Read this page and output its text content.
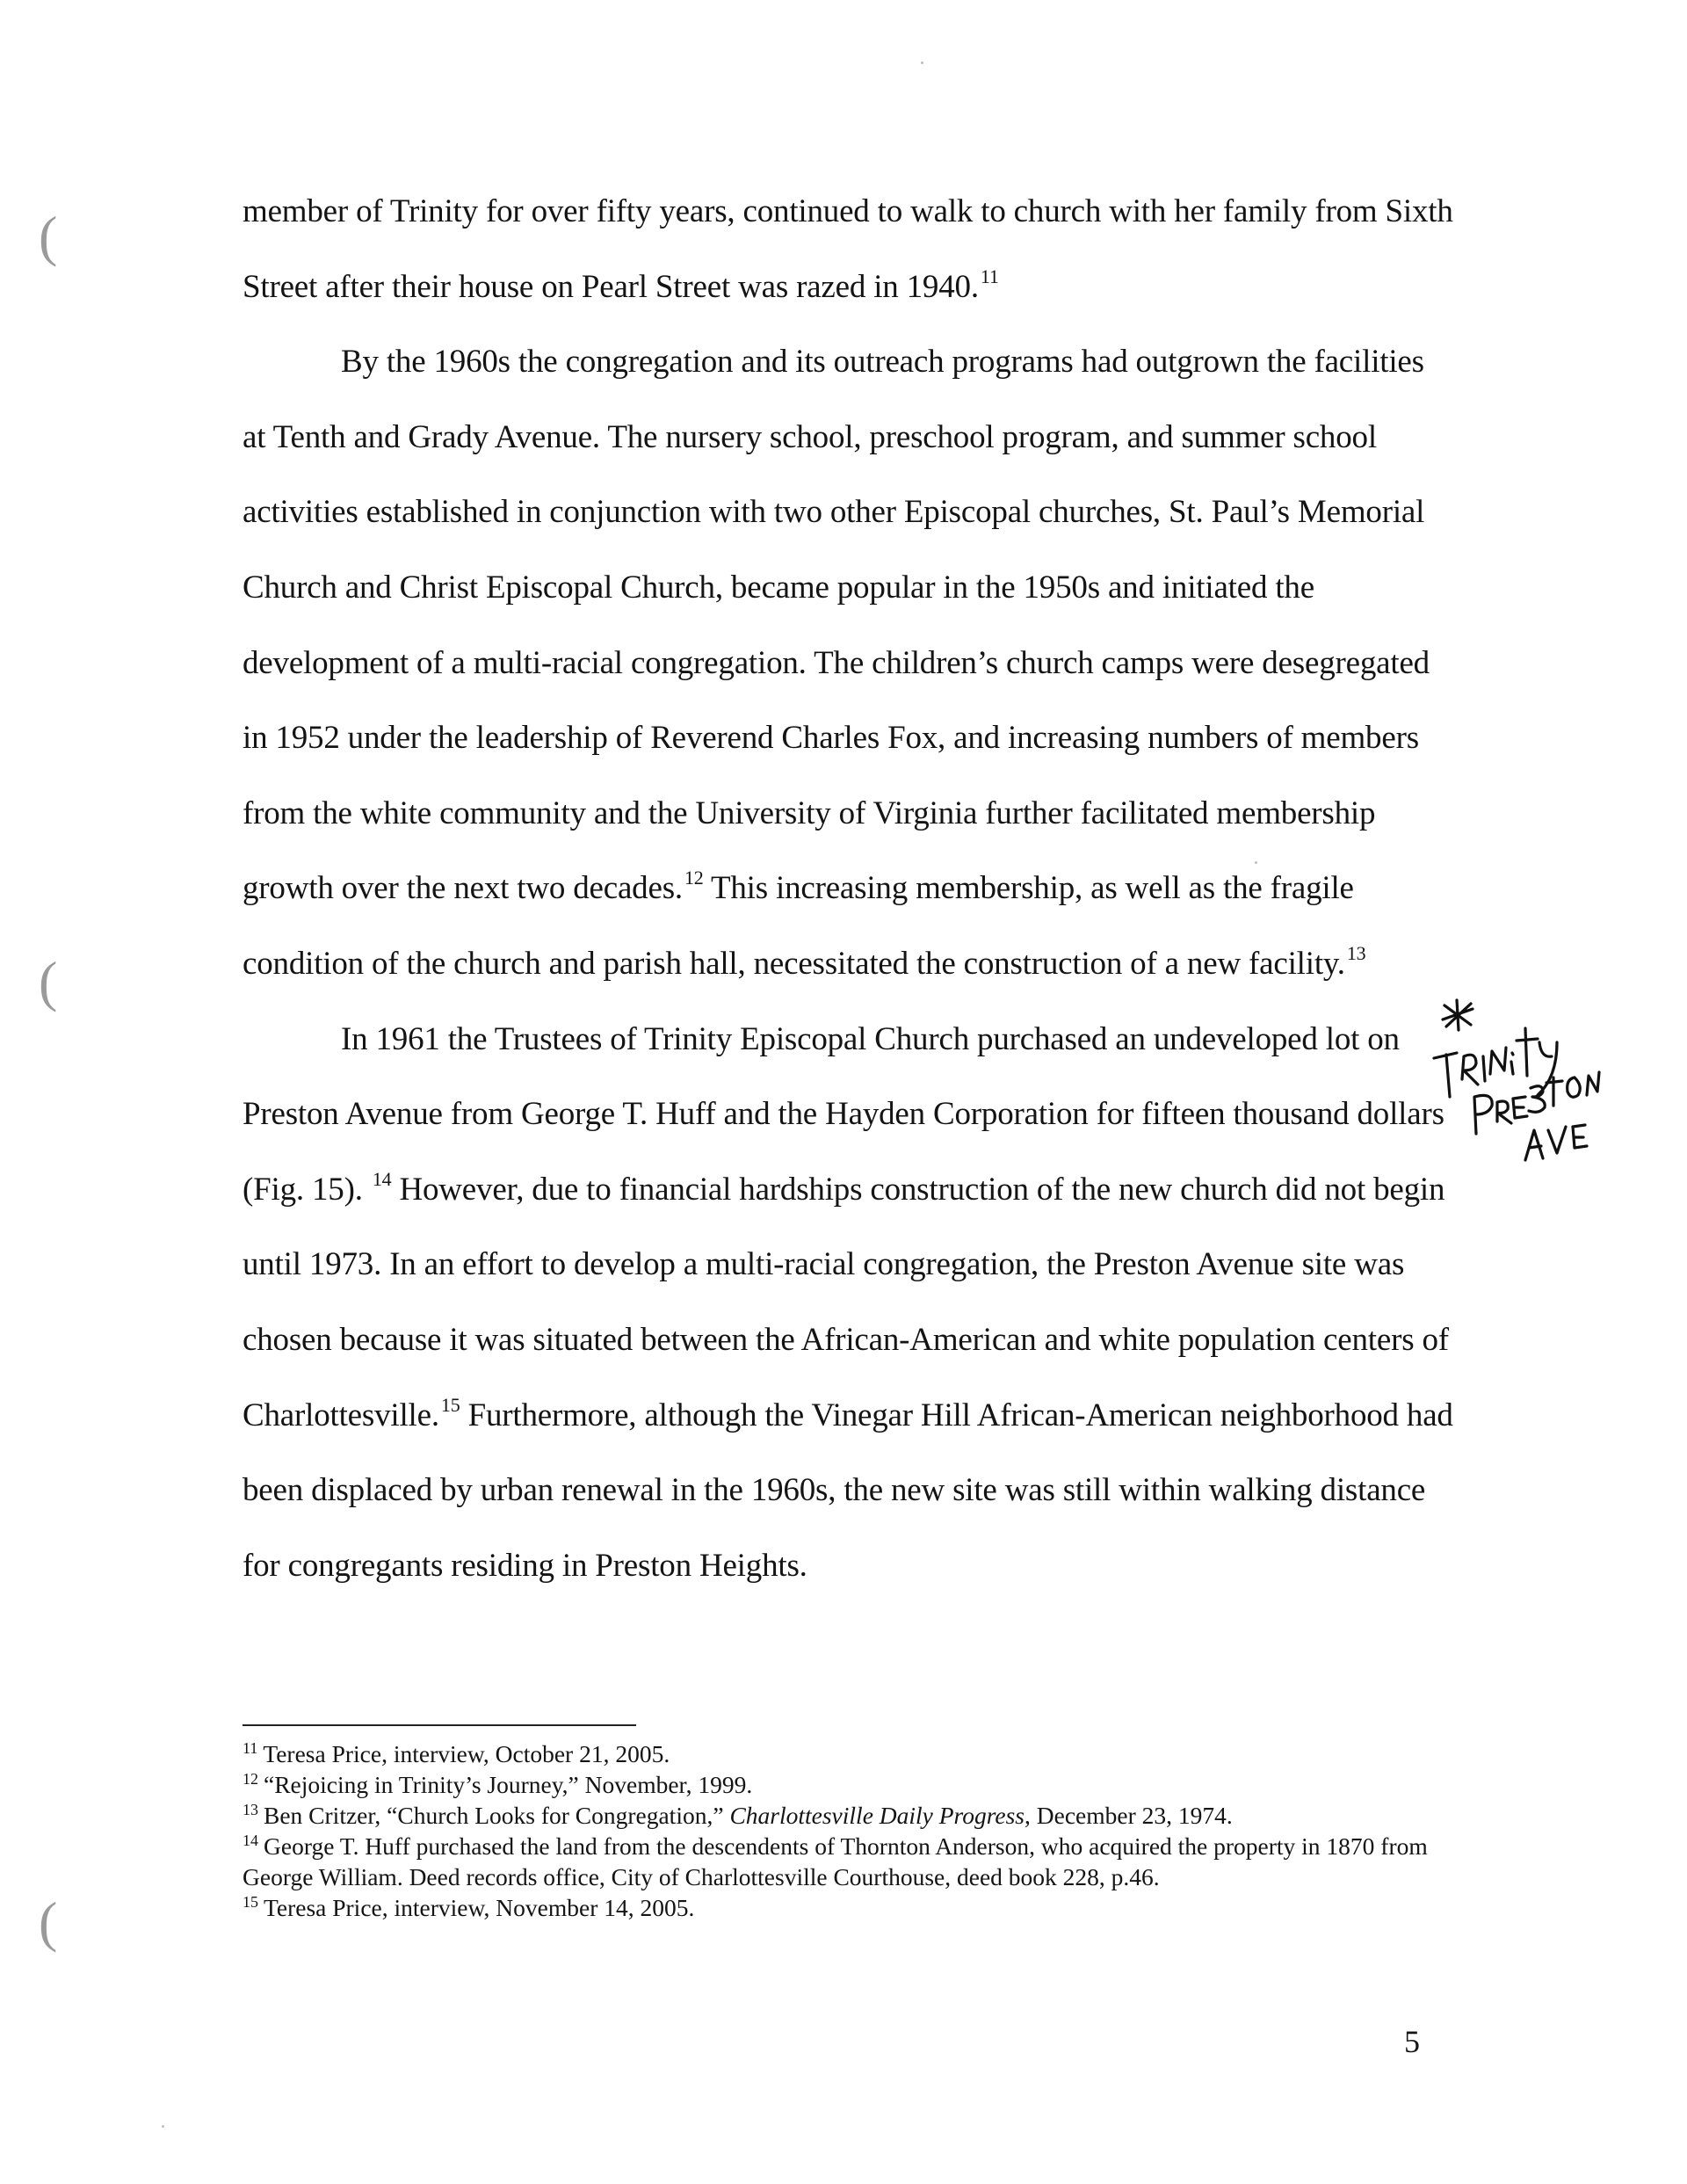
(
(
(

member of Trinity for over fifty years, continued to walk to church with her family from Sixth Street after their house on Pearl Street was razed in 1940.11

By the 1960s the congregation and its outreach programs had outgrown the facilities at Tenth and Grady Avenue. The nursery school, preschool program, and summer school activities established in conjunction with two other Episcopal churches, St. Paul’s Memorial Church and Christ Episcopal Church, became popular in the 1950s and initiated the development of a multi-racial congregation. The children’s church camps were desegregated in 1952 under the leadership of Reverend Charles Fox, and increasing numbers of members from the white community and the University of Virginia further facilitated membership growth over the next two decades.$^{12}$ This increasing membership, as well as the fragile condition of the church and parish hall, necessitated the construction of a new facility.$^{13}$

In 1961 the Trustees of Trinity Episcopal Church purchased an undeveloped lot on Preston Avenue from George T. Huff and the Hayden Corporation for fifteen thousand dollars (Fig. 15). $^{14}$ However, due to financial hardships construction of the new church did not begin until 1973. In an effort to develop a multi-racial congregation, the Preston Avenue site was chosen because it was situated between the African-American and white population centers of Charlottesville.$^{15}$ Furthermore, although the Vinegar Hill African-American neighborhood had been displaced by urban renewal in the 1960s, the new site was still within walking distance for congregants residing in Preston Heights.

$^{11}$ Teresa Price, interview, October 21, 2005.

$^{12}$ “Rejoicing in Trinity’s Journey,” November, 1999.

$^{13}$ Ben Critzer, “Church Looks for Congregation,” Charlottesville Daily Progress, December 23, 1974.

$^{14}$ George T. Huff purchased the land from the descendents of Thornton Anderson, who acquired the property in 1870 from George William. Deed records office, City of Charlottesville Courthouse, deed book 228, p.46.

$^{15}$ Teresa Price, interview, November 14, 2005.

5
